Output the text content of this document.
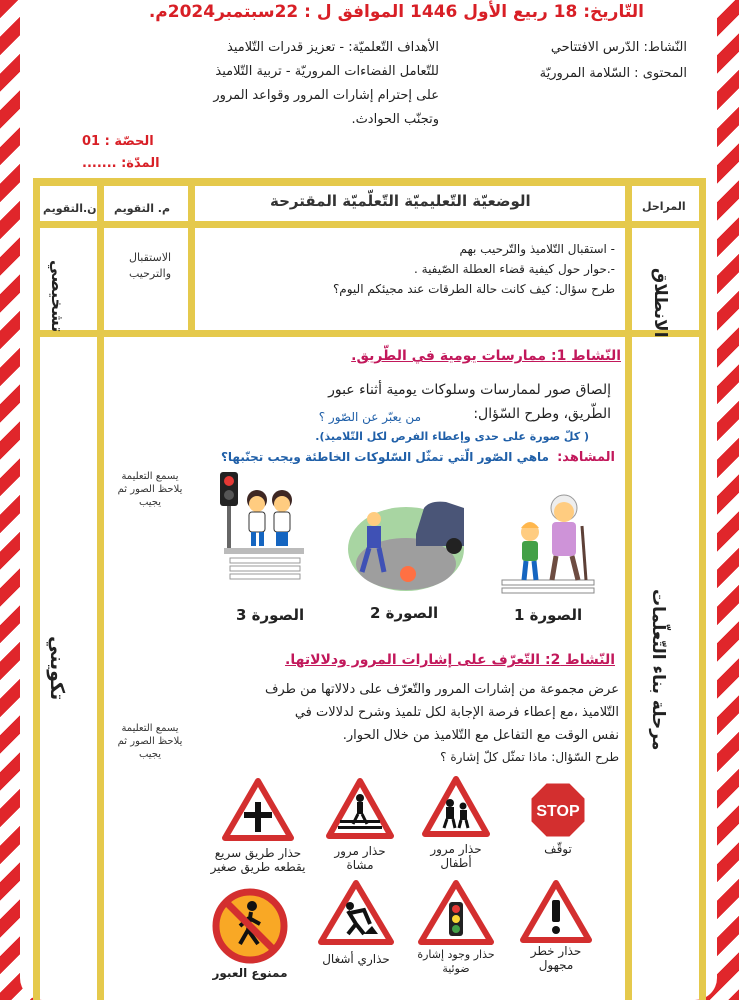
التّاريخ: 18 ربيع الأول 1446 الموافق ل : 22سبتمبر2024م.
النّشاط: الدّرس الافتتاحي
المحتوى : السّلامة المروريّة
الأهداف التّعلميّة: - تعزيز قدرات التّلاميذ
للتّعامل الفضاءات المروريّة - تربية التّلاميذ
على إحترام إشارات المرور وقواعد المرور
وتجنّب الحوادث.
الحصّة : 01
المدّة: .......
المراحل
الوضعيّة التّعليميّة التّعلّميّة المقترحة
م. التقويم
ن.التقويم
الانطلاق
تشخيصي
الاستقبال والترحيب
- استقبال التّلاميذ والتّرحيب بهم
-.حوار حول كيفية قضاء العطلة الصّيفية .
طرح سؤال: كيف كانت حالة الطرقات عند مجيئكم اليوم؟
مرحلة بناء التّعلّمات
تكويني
يسمع التعليمة يلاحظ الصور ثم يجيب
يسمع التعليمة يلاحظ الصور ثم يجيب
النّشاط 1: ممارسات يومية في الطّريق.
إلصاق صور لممارسات وسلوكات يومية أثناء عبور
الطّريق، وطرح السّؤال:
من يعبّر عن الصّور ؟
( كلّ صورة على حدى وإعطاء الفرص لكل التّلاميذ).
المشاهد:
ماهي الصّور الّتي تمثّل السّلوكات الخاطئة ويجب تجنّبها؟
الصورة 3	الصورة 2	الصورة 1
النّشاط 2: التّعرّف على إشارات المرور ودلالاتها.
عرض مجموعة من إشارات المرور والتّعرّف على دلالاتها من طرف
التّلاميذ ،مع إعطاء فرصة الإجابة لكل تلميذ وشرح لدلالات في
نفس الوقت مع التفاعل مع التّلاميذ من خلال الحوار.
طرح السّؤال: ماذا تمثّل كلّ إشارة ؟
STOP
توقّف
حذار مرور أطفال
حذار مرور مشاة
حذار طريق سريع يقطعه طريق صغير
حذار خطر مجهول
حذار وجود إشارة ضوئية
حذاري أشغال
ممنوع العبور
